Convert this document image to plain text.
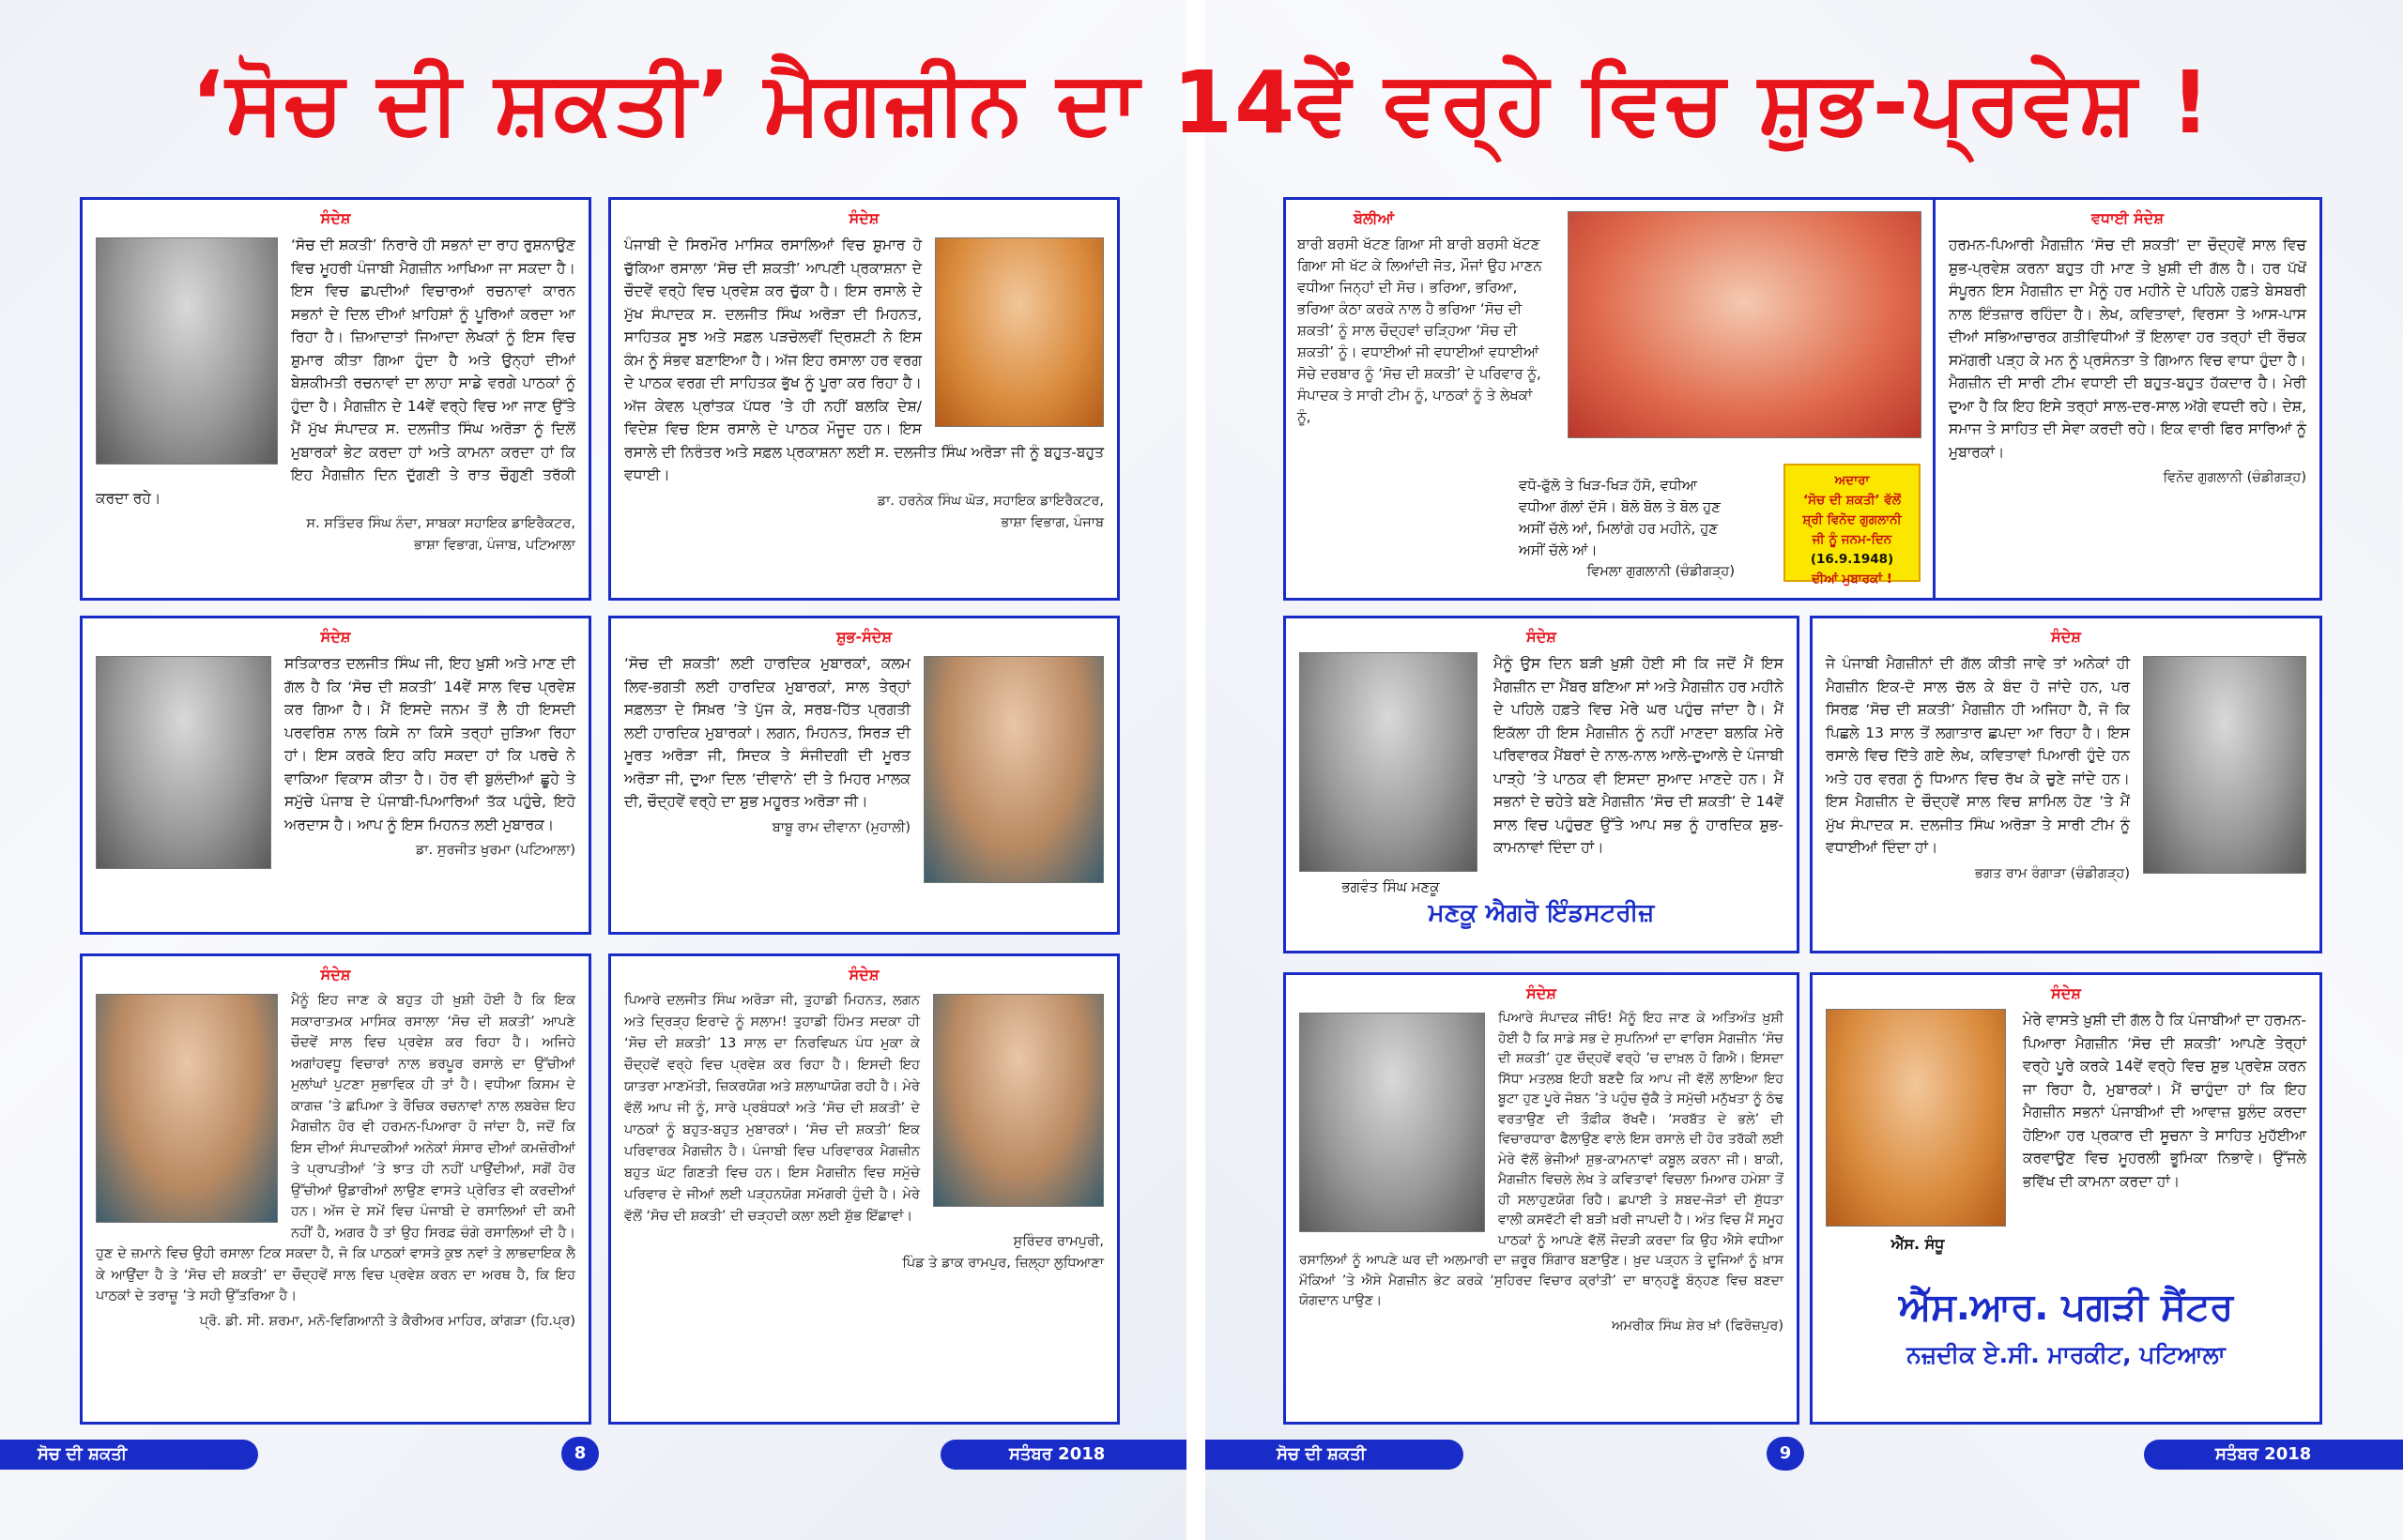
‘ਸੋਚ ਦੀ ਸ਼ਕਤੀ’ ਮੈਗਜ਼ੀਨ ਦਾ 14ਵੇਂ ਵਰ੍ਹੇ ਵਿਚ ਸ਼ੁਭ-ਪ੍ਰਵੇਸ਼ !
ਸੰਦੇਸ਼

‘ਸੋਚ ਦੀ ਸ਼ਕਤੀ’ ਨਿਰਾਰੇ ਹੀ ਸਭਨਾਂ ਦਾ ਰਾਹ ਰੁਸ਼ਨਾਉਣ ਵਿਚ ਮੂਹਰੀ ਪੰਜਾਬੀ ਮੈਗਜ਼ੀਨ ਆਖਿਆ ਜਾ ਸਕਦਾ ਹੈ। ਇਸ ਵਿਚ ਛਪਦੀਆਂ ਵਿਚਾਰਆਂ ਰਚਨਾਵਾਂ ਕਾਰਨ ਸਭਨਾਂ ਦੇ ਦਿਲ ਦੀਆਂ ਖ਼ਾਹਿਸ਼ਾਂ ਨੂੰ ਪੂਰਿਆਂ ਕਰਦਾ ਆ ਰਿਹਾ ਹੈ। ਜ਼ਿਆਦਾਤਾਂ ਜਿਆਦਾ ਲੇਖਕਾਂ ਨੂੰ ਇਸ ਵਿਚ ਸ਼ੁਮਾਰ ਕੀਤਾ ਗਿਆ ਹੁੰਦਾ ਹੈ ਅਤੇ ਉਨ੍ਹਾਂ ਦੀਆਂ ਬੇਸ਼ਕੀਮਤੀ ਰਚਨਾਵਾਂ ਦਾ ਲਾਹਾ ਸਾਡੇ ਵਰਗੇ ਪਾਠਕਾਂ ਨੂੰ ਹੁੰਦਾ ਹੈ। ਮੈਗਜ਼ੀਨ ਦੇ 14ਵੇਂ ਵਰ੍ਹੇ ਵਿਚ ਆ ਜਾਣ ਉੱਤੇ ਮੈਂ ਮੁੱਖ ਸੰਪਾਦਕ ਸ. ਦਲਜੀਤ ਸਿੰਘ ਅਰੋੜਾ ਨੂੰ ਦਿਲੋਂ ਮੁਬਾਰਕਾਂ ਭੇਟ ਕਰਦਾ ਹਾਂ ਅਤੇ ਕਾਮਨਾ ਕਰਦਾ ਹਾਂ ਕਿ ਇਹ ਮੈਗਜ਼ੀਨ ਦਿਨ ਦੁੱਗਣੀ ਤੇ ਰਾਤ ਚੌਗੁਣੀ ਤਰੱਕੀ ਕਰਦਾ ਰਹੇ।

ਸ. ਸਤਿੰਦਰ ਸਿੰਘ ਨੰਦਾ, ਸਾਬਕਾ ਸਹਾਇਕ ਡਾਇਰੈਕਟਰ,
ਭਾਸ਼ਾ ਵਿਭਾਗ, ਪੰਜਾਬ, ਪਟਿਆਲਾ
ਸੰਦੇਸ਼

ਪੰਜਾਬੀ ਦੇ ਸਿਰਮੌਰ ਮਾਸਿਕ ਰਸਾਲਿਆਂ ਵਿਚ ਸ਼ੁਮਾਰ ਹੋ ਚੁੱਕਿਆ ਰਸਾਲਾ ‘ਸੋਚ ਦੀ ਸ਼ਕਤੀ’ ਆਪਣੀ ਪ੍ਰਕਾਸ਼ਨਾ ਦੇ ਚੌਦਵੇਂ ਵਰ੍ਹੇ ਵਿਚ ਪ੍ਰਵੇਸ਼ ਕਰ ਚੁੱਕਾ ਹੈ। ਇਸ ਰਸਾਲੇ ਦੇ ਮੁੱਖ ਸੰਪਾਦਕ ਸ. ਦਲਜੀਤ ਸਿੰਘ ਅਰੋੜਾ ਦੀ ਮਿਹਨਤ, ਸਾਹਿਤਕ ਸੂਝ ਅਤੇ ਸਫ਼ਲ ਪੜਚੋਲਵੀਂ ਦ੍ਰਿਸ਼ਟੀ ਨੇ ਇਸ ਕੰਮ ਨੂੰ ਸੰਭਵ ਬਣਾਇਆ ਹੈ। ਅੱਜ ਇਹ ਰਸਾਲਾ ਹਰ ਵਰਗ ਦੇ ਪਾਠਕ ਵਰਗ ਦੀ ਸਾਹਿਤਕ ਭੁੱਖ ਨੂੰ ਪੂਰਾ ਕਰ ਰਿਹਾ ਹੈ। ਅੱਜ ਕੇਵਲ ਪ੍ਰਾਂਤਕ ਪੱਧਰ ’ਤੇ ਹੀ ਨਹੀਂ ਬਲਕਿ ਦੇਸ਼/ਵਿਦੇਸ਼ ਵਿਚ ਇਸ ਰਸਾਲੇ ਦੇ ਪਾਠਕ ਮੌਜੂਦ ਹਨ। ਇਸ ਰਸਾਲੇ ਦੀ ਨਿਰੰਤਰ ਅਤੇ ਸਫ਼ਲ ਪ੍ਰਕਾਸ਼ਨਾ ਲਈ ਸ. ਦਲਜੀਤ ਸਿੰਘ ਅਰੋੜਾ ਜੀ ਨੂੰ ਬਹੁਤ-ਬਹੁਤ ਵਧਾਈ।

ਡਾ. ਹਰਨੇਕ ਸਿੰਘ ਘੋੜ, ਸਹਾਇਕ ਡਾਇਰੈਕਟਰ,
ਭਾਸ਼ਾ ਵਿਭਾਗ, ਪੰਜਾਬ
ਸੰਦੇਸ਼

ਸਤਿਕਾਰਤ ਦਲਜੀਤ ਸਿੰਘ ਜੀ, ਇਹ ਖ਼ੁਸ਼ੀ ਅਤੇ ਮਾਣ ਦੀ ਗੱਲ ਹੈ ਕਿ ‘ਸੋਚ ਦੀ ਸ਼ਕਤੀ’ 14ਵੇਂ ਸਾਲ ਵਿਚ ਪ੍ਰਵੇਸ਼ ਕਰ ਗਿਆ ਹੈ। ਮੈਂ ਇਸਦੇ ਜਨਮ ਤੋਂ ਲੈ ਹੀ ਇਸਦੀ ਪਰਵਰਿਸ਼ ਨਾਲ ਕਿਸੇ ਨਾ ਕਿਸੇ ਤਰ੍ਹਾਂ ਜੁੜਿਆ ਰਿਹਾ ਹਾਂ। ਇਸ ਕਰਕੇ ਇਹ ਕਹਿ ਸਕਦਾ ਹਾਂ ਕਿ ਪਰਚੇ ਨੇ ਵਾਕਿਆ ਵਿਕਾਸ ਕੀਤਾ ਹੈ। ਹੋਰ ਵੀ ਬੁਲੰਦੀਆਂ ਛੂਹੇ ਤੇ ਸਮੁੱਚੇ ਪੰਜਾਬ ਦੇ ਪੰਜਾਬੀ-ਪਿਆਰਿਆਂ ਤੱਕ ਪਹੁੰਚੇ, ਇਹੋ ਅਰਦਾਸ ਹੈ। ਆਪ ਨੂੰ ਇਸ ਮਿਹਨਤ ਲਈ ਮੁਬਾਰਕ।

ਡਾ. ਸੁਰਜੀਤ ਖੁਰਮਾ (ਪਟਿਆਲਾ)
ਸ਼ੁਭ-ਸੰਦੇਸ਼

‘ਸੋਚ ਦੀ ਸ਼ਕਤੀ’ ਲਈ ਹਾਰਦਿਕ ਮੁਬਾਰਕਾਂ, ਕਲਮ ਲਿਵ-ਭਗਤੀ ਲਈ ਹਾਰਦਿਕ ਮੁਬਾਰਕਾਂ, ਸਾਲ ਤੇਰ੍ਹਾਂ ਸਫ਼ਲਤਾ ਦੇ ਸਿਖ਼ਰ ’ਤੇ ਪੁੱਜ ਕੇ, ਸਰਬ-ਹਿੱਤ ਪ੍ਰਗਤੀ ਲਈ ਹਾਰਦਿਕ ਮੁਬਾਰਕਾਂ। ਲਗਨ, ਮਿਹਨਤ, ਸਿਰੜ ਦੀ ਮੂਰਤ ਅਰੋੜਾ ਜੀ, ਸਿਦਕ ਤੇ ਸੰਜੀਦਗੀ ਦੀ ਮੂਰਤ ਅਰੋੜਾ ਜੀ, ਦੁਆ ਦਿਲ ‘ਦੀਵਾਨੇ’ ਦੀ ਤੇ ਮਿਹਰ ਮਾਲਕ ਦੀ, ਚੌਦ੍ਹਵੇਂ ਵਰ੍ਹੇ ਦਾ ਸ਼ੁਭ ਮਹੂਰਤ ਅਰੋੜਾ ਜੀ।

ਬਾਬੂ ਰਾਮ ਦੀਵਾਨਾ (ਮੁਹਾਲੀ)
ਸੰਦੇਸ਼

ਮੈਨੂੰ ਇਹ ਜਾਣ ਕੇ ਬਹੁਤ ਹੀ ਖ਼ੁਸ਼ੀ ਹੋਈ ਹੈ ਕਿ ਇਕ ਸਕਾਰਾਤਮਕ ਮਾਸਿਕ ਰਸਾਲਾ ‘ਸੋਚ ਦੀ ਸ਼ਕਤੀ’ ਆਪਣੇ ਚੌਦਵੇਂ ਸਾਲ ਵਿਚ ਪ੍ਰਵੇਸ਼ ਕਰ ਰਿਹਾ ਹੈ। ਅਜਿਹੇ ਅਗਾਂਹਵਧੂ ਵਿਚਾਰਾਂ ਨਾਲ ਭਰਪੂਰ ਰਸਾਲੇ ਦਾ ਉੱਚੀਆਂ ਮੁਲਾਂਘਾਂ ਪੁਟਣਾ ਸੁਭਾਵਿਕ ਹੀ ਤਾਂ ਹੈ। ਵਧੀਆ ਕਿਸਮ ਦੇ ਕਾਗਜ਼ ’ਤੇ ਛਪਿਆ ਤੇ ਰੌਚਿਕ ਰਚਨਾਵਾਂ ਨਾਲ ਲਬਰੇਜ਼ ਇਹ ਮੈਗਜ਼ੀਨ ਹੋਰ ਵੀ ਹਰਮਨ-ਪਿਆਰਾ ਹੋ ਜਾਂਦਾ ਹੈ, ਜਦੋਂ ਕਿ ਇਸ ਦੀਆਂ ਸੰਪਾਦਕੀਆਂ ਅਨੇਕਾਂ ਸੰਸਾਰ ਦੀਆਂ ਕਮਜ਼ੋਰੀਆਂ ਤੇ ਪ੍ਰਾਪਤੀਆਂ ’ਤੇ ਝਾਤ ਹੀ ਨਹੀਂ ਪਾਉਂਦੀਆਂ, ਸਗੋਂ ਹੋਰ ਉੱਚੀਆਂ ਉਡਾਰੀਆਂ ਲਾਉਣ ਵਾਸਤੇ ਪ੍ਰੇਰਿਤ ਵੀ ਕਰਦੀਆਂ ਹਨ। ਅੱਜ ਦੇ ਸਮੇਂ ਵਿਚ ਪੰਜਾਬੀ ਦੇ ਰਸਾਲਿਆਂ ਦੀ ਕਮੀ ਨਹੀਂ ਹੈ, ਅਗਰ ਹੈ ਤਾਂ ਉਹ ਸਿਰਫ਼ ਚੰਗੇ ਰਸਾਲਿਆਂ ਦੀ ਹੈ। ਹੁਣ ਦੇ ਜ਼ਮਾਨੇ ਵਿਚ ਉਹੀ ਰਸਾਲਾ ਟਿਕ ਸਕਦਾ ਹੈ, ਜੋ ਕਿ ਪਾਠਕਾਂ ਵਾਸਤੇ ਕੁਝ ਨਵਾਂ ਤੇ ਲਾਭਦਾਇਕ ਲੈ ਕੇ ਆਉਂਦਾ ਹੈ ਤੇ ‘ਸੋਚ ਦੀ ਸ਼ਕਤੀ’ ਦਾ ਚੌਦ੍ਹਵੇਂ ਸਾਲ ਵਿਚ ਪ੍ਰਵੇਸ਼ ਕਰਨ ਦਾ ਅਰਥ ਹੈ, ਕਿ ਇਹ ਪਾਠਕਾਂ ਦੇ ਤਰਾਜ਼ੂ ’ਤੇ ਸਹੀ ਉੱਤਰਿਆ ਹੈ।

ਪ੍ਰੋ. ਡੀ. ਸੀ. ਸ਼ਰਮਾ, ਮਨੋ-ਵਿਗਿਆਨੀ ਤੇ ਕੈਰੀਅਰ ਮਾਹਿਰ, ਕਾਂਗੜਾ (ਹਿ.ਪ੍ਰ)
ਸੰਦੇਸ਼

ਪਿਆਰੇ ਦਲਜੀਤ ਸਿੰਘ ਅਰੋੜਾ ਜੀ, ਤੁਹਾਡੀ ਮਿਹਨਤ, ਲਗਨ ਅਤੇ ਦ੍ਰਿੜ੍ਹ ਇਰਾਦੇ ਨੂੰ ਸਲਾਮ! ਤੁਹਾਡੀ ਹਿੰਮਤ ਸਦਕਾ ਹੀ ‘ਸੋਚ ਦੀ ਸ਼ਕਤੀ’ 13 ਸਾਲ ਦਾ ਨਿਰਵਿਘਨ ਪੰਧ ਮੁਕਾ ਕੇ ਚੌਦ੍ਹਵੇਂ ਵਰ੍ਹੇ ਵਿਚ ਪ੍ਰਵੇਸ਼ ਕਰ ਰਿਹਾ ਹੈ। ਇਸਦੀ ਇਹ ਯਾਤਰਾ ਮਾਣਮੱਤੀ, ਜ਼ਿਕਰਯੋਗ ਅਤੇ ਸ਼ਲਾਘਾਯੋਗ ਰਹੀ ਹੈ। ਮੇਰੇ ਵੱਲੋਂ ਆਪ ਜੀ ਨੂੰ, ਸਾਰੇ ਪ੍ਰਬੰਧਕਾਂ ਅਤੇ ‘ਸੋਚ ਦੀ ਸ਼ਕਤੀ’ ਦੇ ਪਾਠਕਾਂ ਨੂੰ ਬਹੁਤ-ਬਹੁਤ ਮੁਬਾਰਕਾਂ। ‘ਸੋਚ ਦੀ ਸ਼ਕਤੀ’ ਇਕ ਪਰਿਵਾਰਕ ਮੈਗਜ਼ੀਨ ਹੈ। ਪੰਜਾਬੀ ਵਿਚ ਪਰਿਵਾਰਕ ਮੈਗਜ਼ੀਨ ਬਹੁਤ ਘੱਟ ਗਿਣਤੀ ਵਿਚ ਹਨ। ਇਸ ਮੈਗਜ਼ੀਨ ਵਿਚ ਸਮੁੱਚੇ ਪਰਿਵਾਰ ਦੇ ਜੀਆਂ ਲਈ ਪੜ੍ਹਨਯੋਗ ਸਮੱਗਰੀ ਹੁੰਦੀ ਹੈ। ਮੇਰੇ ਵੱਲੋਂ ‘ਸੋਚ ਦੀ ਸ਼ਕਤੀ’ ਦੀ ਚੜ੍ਹਦੀ ਕਲਾ ਲਈ ਸ਼ੁੱਭ ਇੱਛਾਵਾਂ।

ਸੁਰਿੰਦਰ ਰਾਮਪੁਰੀ,
ਪਿੰਡ ਤੇ ਡਾਕ ਰਾਮਪੁਰ, ਜ਼ਿਲ੍ਹਾ ਲੁਧਿਆਣਾ
ਸੋਚ ਦੀ ਸ਼ਕਤੀ	8	ਸਤੰਬਰ 2018
ਬੋਲੀਆਂ

ਬਾਰੀ ਬਰਸੀ ਖੱਟਣ ਗਿਆ ਸੀ ਬਾਰੀ ਬਰਸੀ ਖੱਟਣ ਗਿਆ ਸੀ ਖੱਟ ਕੇ ਲਿਆਂਦੀ ਜੋਤ, ਮੌਜਾਂ ਉਹ ਮਾਣਨ ਵਧੀਆ ਜਿਨ੍ਹਾਂ ਦੀ ਸੋਚ। ਭਰਿਆ, ਭਰਿਆ, ਭਰਿਆ ਕੰਠਾ ਕਰਕੇ ਨਾਲ ਹੈ ਭਰਿਆ ‘ਸੋਚ ਦੀ ਸ਼ਕਤੀ’ ਨੂੰ ਸਾਲ ਚੌਦ੍ਹਵਾਂ ਚੜ੍ਹਿਆ ‘ਸੋਚ ਦੀ ਸ਼ਕਤੀ’ ਨੂੰ। ਵਧਾਈਆਂ ਜੀ ਵਧਾਈਆਂ ਵਧਾਈਆਂ ਸੋਚੇ ਦਰਬਾਰ ਨੂੰ ‘ਸੋਚ ਦੀ ਸ਼ਕਤੀ’ ਦੇ ਪਰਿਵਾਰ ਨੂੰ, ਸੰਪਾਦਕ ਤੇ ਸਾਰੀ ਟੀਮ ਨੂੰ, ਪਾਠਕਾਂ ਨੂੰ ਤੇ ਲੇਖਕਾਂ ਨੂੰ,

ਵਧੋ-ਫੁੱਲੋ ਤੇ ਖਿੜ-ਖਿੜ ਹੱਸੋ, ਵਧੀਆ ਵਧੀਆ ਗੱਲਾਂ ਦੱਸੋ। ਬੋਲੋ ਬੋਲ ਤੇ ਬੋਲ ਹੁਣ ਅਸੀਂ ਚੱਲੇ ਆਂ, ਮਿਲਾਂਗੇ ਹਰ ਮਹੀਨੇ, ਹੁਣ ਅਸੀਂ ਚੱਲੇ ਆਂ।

ਵਿਮਲਾ ਗੁਗਲਾਨੀ (ਚੰਡੀਗੜ੍ਹ)
ਅਦਾਰਾ
‘ਸੋਚ ਦੀ ਸ਼ਕਤੀ’ ਵੱਲੋਂ
ਸ਼੍ਰੀ ਵਿਨੋਦ ਗੁਗਲਾਨੀ
ਜੀ ਨੂੰ ਜਨਮ-ਦਿਨ
(16.9.1948)
ਦੀਆਂ ਮੁਬਾਰਕਾਂ !
ਵਧਾਈ ਸੰਦੇਸ਼

ਹਰਮਨ-ਪਿਆਰੀ ਮੈਗਜ਼ੀਨ ‘ਸੋਚ ਦੀ ਸ਼ਕਤੀ’ ਦਾ ਚੌਦ੍ਹਵੇਂ ਸਾਲ ਵਿਚ ਸ਼ੁਭ-ਪ੍ਰਵੇਸ਼ ਕਰਨਾ ਬਹੁਤ ਹੀ ਮਾਣ ਤੇ ਖ਼ੁਸ਼ੀ ਦੀ ਗੱਲ ਹੈ। ਹਰ ਪੱਖੋਂ ਸੰਪੂਰਨ ਇਸ ਮੈਗਜ਼ੀਨ ਦਾ ਮੈਨੂੰ ਹਰ ਮਹੀਨੇ ਦੇ ਪਹਿਲੇ ਹਫ਼ਤੇ ਬੇਸਬਰੀ ਨਾਲ ਇੰਤਜ਼ਾਰ ਰਹਿੰਦਾ ਹੈ। ਲੇਖ, ਕਵਿਤਾਵਾਂ, ਵਿਰਸਾ ਤੇ ਆਸ-ਪਾਸ ਦੀਆਂ ਸਭਿਆਚਾਰਕ ਗਤੀਵਿਧੀਆਂ ਤੋਂ ਇਲਾਵਾ ਹਰ ਤਰ੍ਹਾਂ ਦੀ ਰੌਚਕ ਸਮੱਗਰੀ ਪੜ੍ਹ ਕੇ ਮਨ ਨੂੰ ਪ੍ਰਸੰਨਤਾ ਤੇ ਗਿਆਨ ਵਿਚ ਵਾਧਾ ਹੁੰਦਾ ਹੈ। ਮੈਗਜ਼ੀਨ ਦੀ ਸਾਰੀ ਟੀਮ ਵਧਾਈ ਦੀ ਬਹੁਤ-ਬਹੁਤ ਹੱਕਦਾਰ ਹੈ। ਮੇਰੀ ਦੁਆ ਹੈ ਕਿ ਇਹ ਇਸੇ ਤਰ੍ਹਾਂ ਸਾਲ-ਦਰ-ਸਾਲ ਅੱਗੇ ਵਧਦੀ ਰਹੇ। ਦੇਸ਼, ਸਮਾਜ ਤੇ ਸਾਹਿਤ ਦੀ ਸੇਵਾ ਕਰਦੀ ਰਹੇ। ਇਕ ਵਾਰੀ ਫਿਰ ਸਾਰਿਆਂ ਨੂੰ ਮੁਬਾਰਕਾਂ।

ਵਿਨੋਦ ਗੁਗਲਾਨੀ (ਚੰਡੀਗੜ੍ਹ)
ਸੰਦੇਸ਼
ਭਗਵੰਤ ਸਿੰਘ ਮਣਕੂ

ਮੈਨੂੰ ਉਸ ਦਿਨ ਬੜੀ ਖ਼ੁਸ਼ੀ ਹੋਈ ਸੀ ਕਿ ਜਦੋਂ ਮੈਂ ਇਸ ਮੈਗਜ਼ੀਨ ਦਾ ਮੈਂਬਰ ਬਣਿਆ ਸਾਂ ਅਤੇ ਮੈਗਜ਼ੀਨ ਹਰ ਮਹੀਨੇ ਦੇ ਪਹਿਲੇ ਹਫ਼ਤੇ ਵਿਚ ਮੇਰੇ ਘਰ ਪਹੁੰਚ ਜਾਂਦਾ ਹੈ। ਮੈਂ ਇਕੱਲਾ ਹੀ ਇਸ ਮੈਗਜ਼ੀਨ ਨੂੰ ਨਹੀਂ ਮਾਣਦਾ ਬਲਕਿ ਮੇਰੇ ਪਰਿਵਾਰਕ ਮੈਂਬਰਾਂ ਦੇ ਨਾਲ-ਨਾਲ ਆਲੇ-ਦੁਆਲੇ ਦੇ ਪੰਜਾਬੀ ਪਾੜ੍ਹੇ ’ਤੇ ਪਾਠਕ ਵੀ ਇਸਦਾ ਸੁਆਦ ਮਾਣਦੇ ਹਨ। ਮੈਂ ਸਭਨਾਂ ਦੇ ਚਹੇਤੇ ਬਣੇ ਮੈਗਜ਼ੀਨ ‘ਸੋਚ ਦੀ ਸ਼ਕਤੀ’ ਦੇ 14ਵੇਂ ਸਾਲ ਵਿਚ ਪਹੁੰਚਣ ਉੱਤੇ ਆਪ ਸਭ ਨੂੰ ਹਾਰਦਿਕ ਸ਼ੁਭ-ਕਾਮਨਾਵਾਂ ਦਿੰਦਾ ਹਾਂ।

ਮਣਕੂ ਐਗਰੋ ਇੰਡਸਟਰੀਜ਼
ਸੰਦੇਸ਼

ਜੇ ਪੰਜਾਬੀ ਮੈਗਜ਼ੀਨਾਂ ਦੀ ਗੱਲ ਕੀਤੀ ਜਾਵੇ ਤਾਂ ਅਨੇਕਾਂ ਹੀ ਮੈਗਜ਼ੀਨ ਇਕ-ਦੋ ਸਾਲ ਚੱਲ ਕੇ ਬੰਦ ਹੋ ਜਾਂਦੇ ਹਨ, ਪਰ ਸਿਰਫ਼ ‘ਸੋਚ ਦੀ ਸ਼ਕਤੀ’ ਮੈਗਜ਼ੀਨ ਹੀ ਅਜਿਹਾ ਹੈ, ਜੋ ਕਿ ਪਿਛਲੇ 13 ਸਾਲ ਤੋਂ ਲਗਾਤਾਰ ਛਪਦਾ ਆ ਰਿਹਾ ਹੈ। ਇਸ ਰਸਾਲੇ ਵਿਚ ਦਿੱਤੇ ਗਏ ਲੇਖ, ਕਵਿਤਾਵਾਂ ਪਿਆਰੀ ਹੁੰਦੇ ਹਨ ਅਤੇ ਹਰ ਵਰਗ ਨੂੰ ਧਿਆਨ ਵਿਚ ਰੱਖ ਕੇ ਚੁਣੇ ਜਾਂਦੇ ਹਨ। ਇਸ ਮੈਗਜ਼ੀਨ ਦੇ ਚੌਦ੍ਹਵੇਂ ਸਾਲ ਵਿਚ ਸ਼ਾਮਿਲ ਹੋਣ ’ਤੇ ਮੈਂ ਮੁੱਖ ਸੰਪਾਦਕ ਸ. ਦਲਜੀਤ ਸਿੰਘ ਅਰੋੜਾ ਤੇ ਸਾਰੀ ਟੀਮ ਨੂੰ ਵਧਾਈਆਂ ਦਿੰਦਾ ਹਾਂ।

ਭਗਤ ਰਾਮ ਰੰਗਾੜਾ (ਚੰਡੀਗੜ੍ਹ)
ਸੰਦੇਸ਼

ਪਿਆਰੇ ਸੰਪਾਦਕ ਜੀਓ! ਮੈਨੂੰ ਇਹ ਜਾਣ ਕੇ ਅਤਿਅੰਤ ਖ਼ੁਸ਼ੀ ਹੋਈ ਹੈ ਕਿ ਸਾਡੇ ਸਭ ਦੇ ਸੁਪਨਿਆਂ ਦਾ ਵਾਰਿਸ ਮੈਗਜ਼ੀਨ ‘ਸੋਚ ਦੀ ਸ਼ਕਤੀ’ ਹੁਣ ਚੌਦ੍ਹਵੇਂ ਵਰ੍ਹੇ ’ਚ ਦਾਖ਼ਲ ਹੋ ਗਿਐ। ਇਸਦਾ ਸਿੱਧਾ ਮਤਲਬ ਇਹੀ ਬਣਦੈ ਕਿ ਆਪ ਜੀ ਵੱਲੋਂ ਲਾਇਆ ਇਹ ਬੂਟਾ ਹੁਣ ਪੂਰੇ ਜੋਬਨ ’ਤੇ ਪਹੁੰਚ ਚੁੱਕੈ ਤੇ ਸਮੁੱਚੀ ਮਨੁੱਖਤਾ ਨੂੰ ਠੰਢ ਵਰਤਾਉਣ ਦੀ ਤੌਫ਼ੀਕ ਰੱਖਦੈ। ‘ਸਰਬੱਤ ਦੇ ਭਲੇ’ ਦੀ ਵਿਚਾਰਧਾਰਾ ਫੈਲਾਉਣ ਵਾਲੇ ਇਸ ਰਸਾਲੇ ਦੀ ਹੋਰ ਤਰੱਕੀ ਲਈ ਮੇਰੇ ਵੱਲੋਂ ਭੇਜੀਆਂ ਸ਼ੁਭ-ਕਾਮਨਾਵਾਂ ਕਬੂਲ ਕਰਨਾ ਜੀ। ਬਾਕੀ, ਮੈਗਜ਼ੀਨ ਵਿਚਲੇ ਲੇਖ ਤੇ ਕਵਿਤਾਵਾਂ ਵਿਚਲਾ ਮਿਆਰ ਹਮੇਸ਼ਾ ਤੋਂ ਹੀ ਸਲਾਹੁਣਯੋਗ ਰਿਹੈ। ਛਪਾਈ ਤੇ ਸ਼ਬਦ-ਜੋੜਾਂ ਦੀ ਸ਼ੁੱਧਤਾ ਵਾਲੀ ਕਸਵੱਟੀ ਵੀ ਬੜੀ ਖ਼ਰੀ ਜਾਪਦੀ ਹੈ। ਅੰਤ ਵਿਚ ਮੈਂ ਸਮੂਹ ਪਾਠਕਾਂ ਨੂੰ ਆਪਣੇ ਵੱਲੋਂ ਜੋਦੜੀ ਕਰਦਾ ਕਿ ਉਹ ਐਸੇ ਵਧੀਆ ਰਸਾਲਿਆਂ ਨੂੰ ਆਪਣੇ ਘਰ ਦੀ ਅਲਮਾਰੀ ਦਾ ਜ਼ਰੂਰ ਸ਼ਿੰਗਾਰ ਬਣਾਉਣ। ਖ਼ੁਦ ਪੜ੍ਹਨ ਤੇ ਦੂਜਿਆਂ ਨੂੰ ਖ਼ਾਸ ਮੌਕਿਆਂ ’ਤੇ ਐਸੇ ਮੈਗਜ਼ੀਨ ਭੇਟ ਕਰਕੇ ‘ਸੁਹਿਰਦ ਵਿਚਾਰ ਕ੍ਰਾਂਤੀ’ ਦਾ ਥਾਨ੍ਹਣੂੰ ਬੰਨ੍ਹਣ ਵਿਚ ਬਣਦਾ ਯੋਗਦਾਨ ਪਾਉਣ।

ਅਮਰੀਕ ਸਿੰਘ ਸ਼ੇਰ ਖ਼ਾਂ (ਫਿਰੋਜ਼ਪੁਰ)
ਸੰਦੇਸ਼
ਐੱਸ. ਸੰਧੂ

ਮੇਰੇ ਵਾਸਤੇ ਖ਼ੁਸ਼ੀ ਦੀ ਗੱਲ ਹੈ ਕਿ ਪੰਜਾਬੀਆਂ ਦਾ ਹਰਮਨ-ਪਿਆਰਾ ਮੈਗਜ਼ੀਨ ‘ਸੋਚ ਦੀ ਸ਼ਕਤੀ’ ਆਪਣੇ ਤੇਰ੍ਹਾਂ ਵਰ੍ਹੇ ਪੂਰੇ ਕਰਕੇ 14ਵੇਂ ਵਰ੍ਹੇ ਵਿਚ ਸ਼ੁਭ ਪ੍ਰਵੇਸ਼ ਕਰਨ ਜਾ ਰਿਹਾ ਹੈ, ਮੁਬਾਰਕਾਂ। ਮੈਂ ਚਾਹੁੰਦਾ ਹਾਂ ਕਿ ਇਹ ਮੈਗਜ਼ੀਨ ਸਭਨਾਂ ਪੰਜਾਬੀਆਂ ਦੀ ਆਵਾਜ਼ ਬੁਲੰਦ ਕਰਦਾ ਹੋਇਆ ਹਰ ਪ੍ਰਕਾਰ ਦੀ ਸੂਚਨਾ ਤੇ ਸਾਹਿਤ ਮੁਹੱਈਆ ਕਰਵਾਉਣ ਵਿਚ ਮੂਹਰਲੀ ਭੂਮਿਕਾ ਨਿਭਾਵੇ। ਉੱਜਲੇ ਭਵਿੱਖ ਦੀ ਕਾਮਨਾ ਕਰਦਾ ਹਾਂ।

ਐੱਸ.ਆਰ. ਪਗੜੀ ਸੈਂਟਰ
ਨਜ਼ਦੀਕ ਏ.ਸੀ. ਮਾਰਕੀਟ, ਪਟਿਆਲਾ
ਸੋਚ ਦੀ ਸ਼ਕਤੀ	9	ਸਤੰਬਰ 2018
